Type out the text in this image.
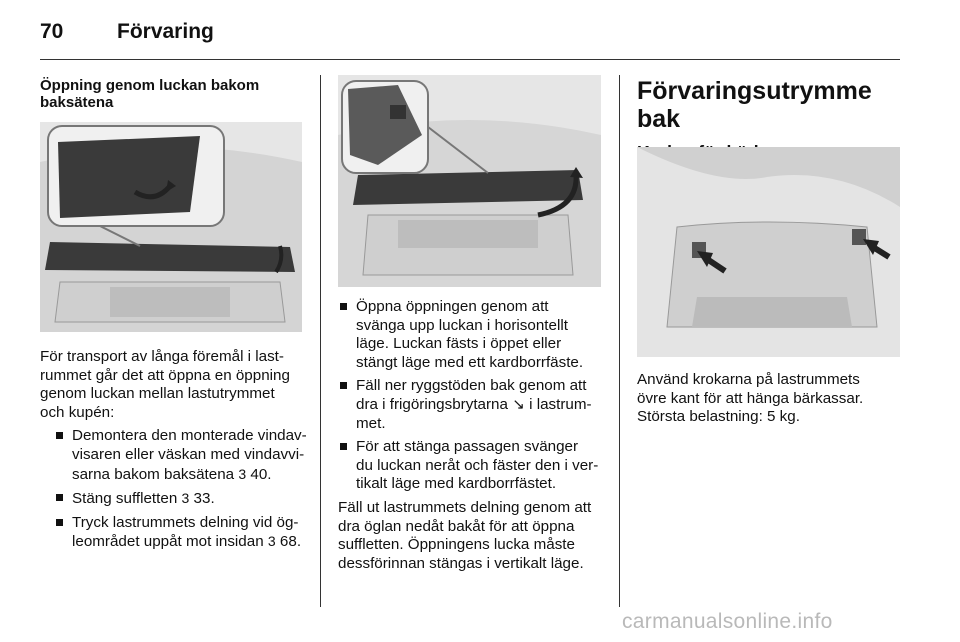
70	Förvaring

Öppning genom luckan bakom
baksätena

För transport av långa föremål i last-
rummet går det att öppna en öppning
genom luckan mellan lastutrymmet
och kupén:

Demontera den monterade vindav-
visaren eller väskan med vindavvi-
sarna bakom baksätena 3 40.
Stäng suffletten 3 33.
Tryck lastrummets delning vid ög-
leområdet uppåt mot insidan 3 68.
Öppna öppningen genom att
svänga upp luckan i horisontellt
läge. Luckan fästs i öppet eller
stängt läge med ett kardborrfäste.
Fäll ner ryggstöden bak genom att
dra i frigöringsbrytarna ↘ i lastrum-
met.
För att stänga passagen svänger
du luckan neråt och fäster den i ver-
tikalt läge med kardborrfästet.

Fäll ut lastrummets delning genom att
dra öglan nedåt bakåt för att öppna
suffletten. Öppningens lucka måste
dessförinnan stängas i vertikalt läge.

Förvaringsutrymme bak

Använd krokarna på lastrummets
övre kant för att hänga bärkassar.
Största belastning: 5 kg.

carmanualsonline.info
